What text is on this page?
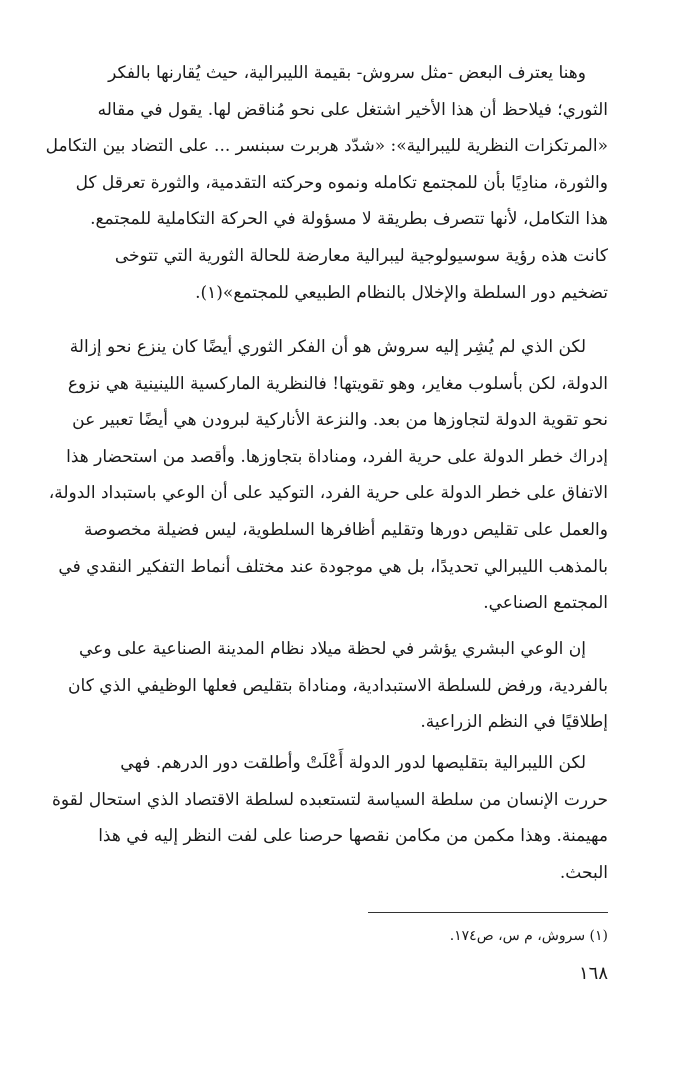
وهنا يعترف البعض -مثل سروش- بقيمة الليبرالية، حيث يُقارنها بالفكر
الثوري؛ فيلاحظ أن هذا الأخير اشتغل على نحو مُناقض لها. يقول في مقاله
«المرتكزات النظرية لليبرالية»: «شدّد هربرت سبنسر ... على التضاد بين التكامل
والثورة، منادِيًا بأن للمجتمع تكامله ونموه وحركته التقدمية، والثورة تعرقل كل
هذا التكامل، لأنها تتصرف بطريقة لا مسؤولة في الحركة التكاملية للمجتمع.
كانت هذه رؤية سوسيولوجية ليبرالية معارضة للحالة الثورية التي تتوخى
تضخيم دور السلطة والإخلال بالنظام الطبيعي للمجتمع»(١).
لكن الذي لم يُشِر إليه سروش هو أن الفكر الثوري أيضًا كان ينزع نحو إزالة
الدولة، لكن بأسلوب مغاير، وهو تقويتها! فالنظرية الماركسية اللينينية هي نزوع
نحو تقوية الدولة لتجاوزها من بعد. والنزعة الأناركية لبرودن هي أيضًا تعبير عن
إدراك خطر الدولة على حرية الفرد، ومناداة بتجاوزها. وأقصد من استحضار هذا
الاتفاق على خطر الدولة على حرية الفرد، التوكيد على أن الوعي باستبداد الدولة،
والعمل على تقليص دورها وتقليم أظافرها السلطوية، ليس فضيلة مخصوصة
بالمذهب الليبرالي تحديدًا، بل هي موجودة عند مختلف أنماط التفكير النقدي في
المجتمع الصناعي.
إن الوعي البشري يؤشر في لحظة ميلاد نظام المدينة الصناعية على وعي
بالفردية، ورفض للسلطة الاستبدادية، ومناداة بتقليص فعلها الوظيفي الذي كان
إطلاقيًا في النظم الزراعية.
لكن الليبرالية بتقليصها لدور الدولة أَعْلَتْ وأطلقت دور الدرهم. فهي
حررت الإنسان من سلطة السياسة لتستعبده لسلطة الاقتصاد الذي استحال لقوة
مهيمنة. وهذا مكمن من مكامن نقصها حرصنا على لفت النظر إليه في هذا
البحث.
(١) سروش، م س، ص١٧٤.
١٦٨
